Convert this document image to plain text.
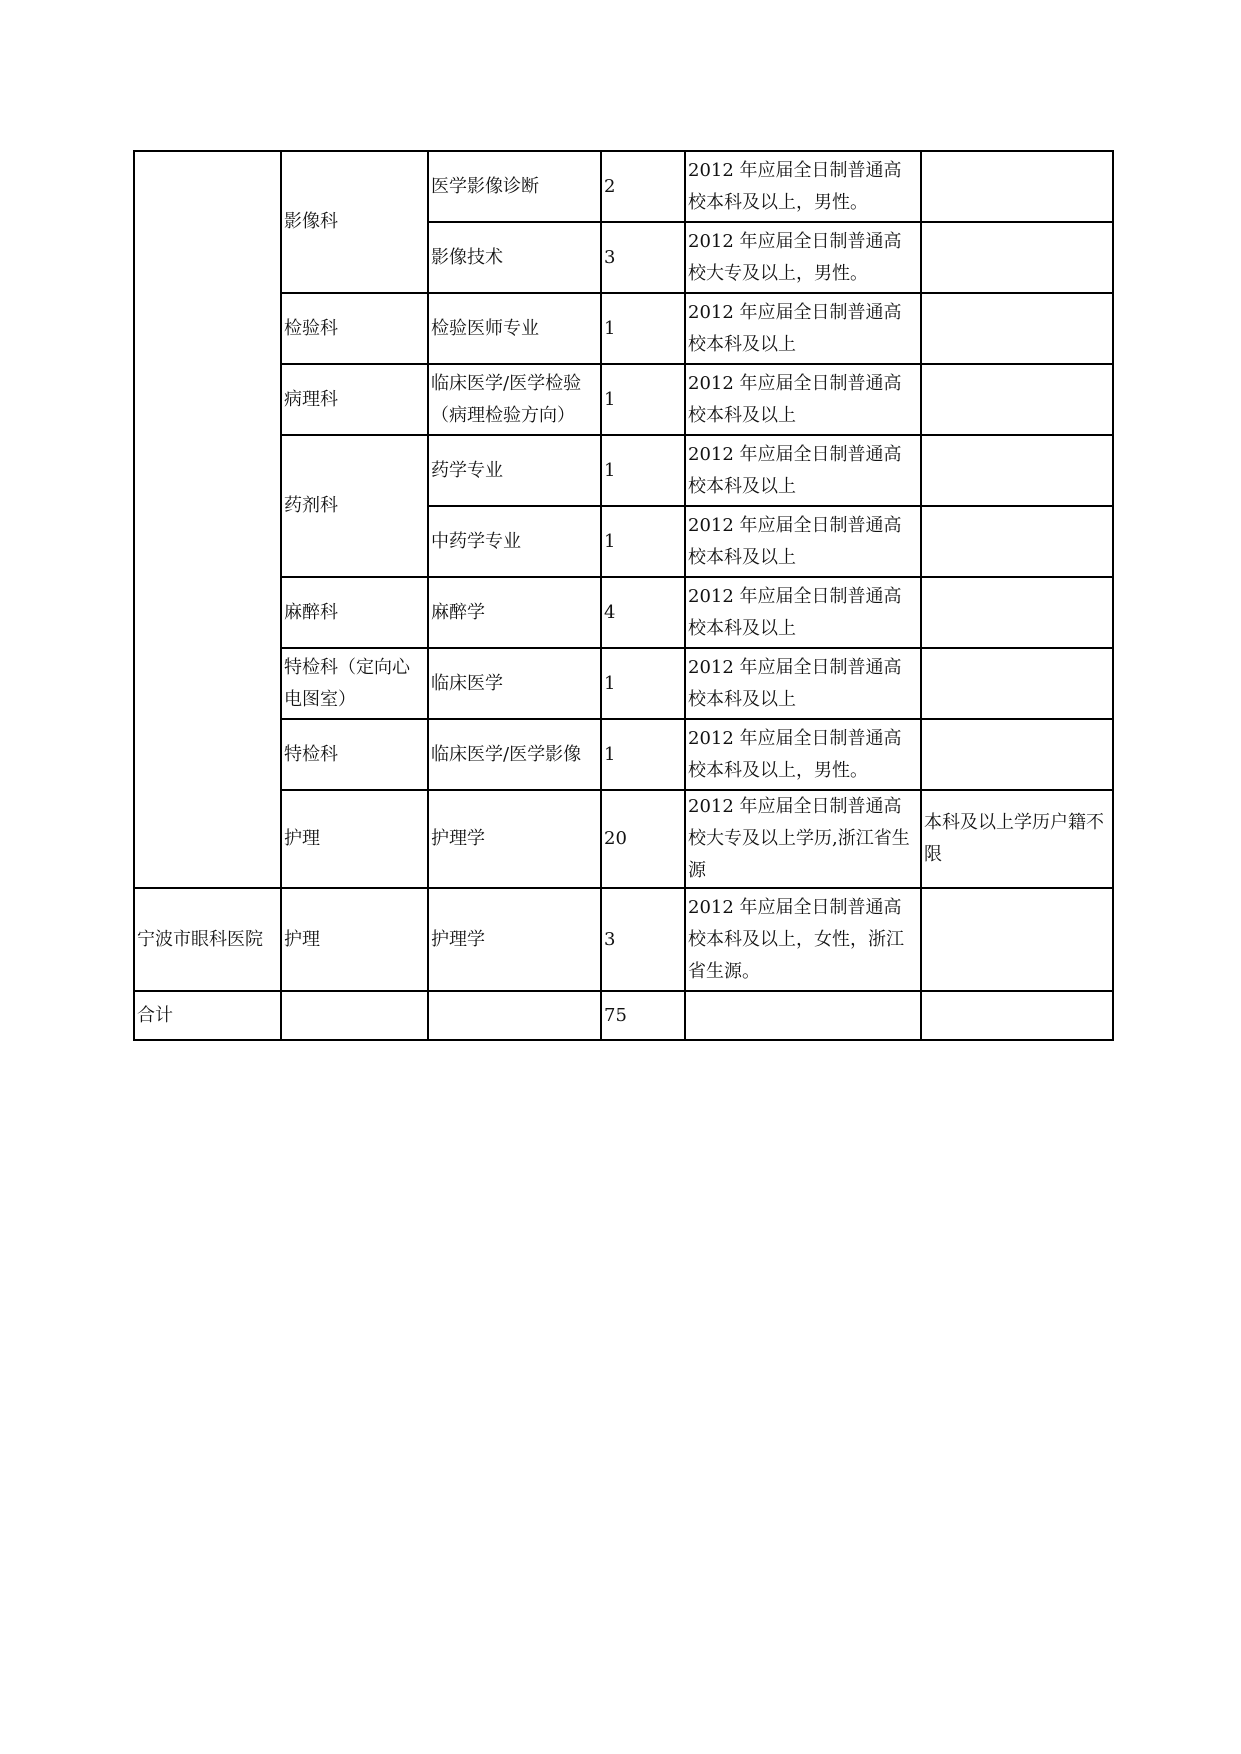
	影像科	医学影像诊断	2	2012 年应届全日制普通高校本科及以上，男性。	
		影像技术	3	2012 年应届全日制普通高校大专及以上，男性。	
	检验科	检验医师专业	1	2012 年应届全日制普通高校本科及以上	
	病理科	临床医学/医学检验（病理检验方向）	1	2012 年应届全日制普通高校本科及以上	
	药剂科	药学专业	1	2012 年应届全日制普通高校本科及以上	
		中药学专业	1	2012 年应届全日制普通高校本科及以上	
	麻醉科	麻醉学	4	2012 年应届全日制普通高校本科及以上	
	特检科（定向心电图室）	临床医学	1	2012 年应届全日制普通高校本科及以上	
	特检科	临床医学/医学影像	1	2012 年应届全日制普通高校本科及以上，男性。	
	护理	护理学	20	2012 年应届全日制普通高校大专及以上学历,浙江省生源	本科及以上学历户籍不限
宁波市眼科医院	护理	护理学	3	2012 年应届全日制普通高校本科及以上，女性，浙江省生源。	
合计			75		
